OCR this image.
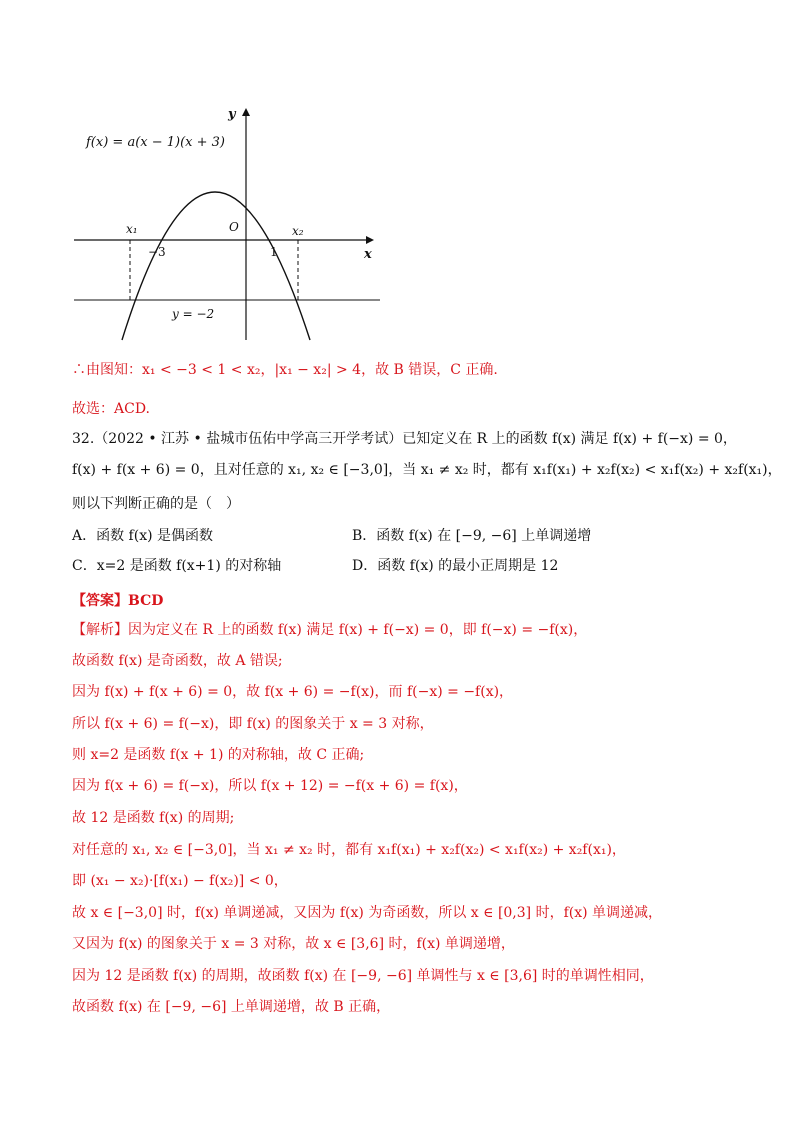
f(x) = a(x − 1)(x + 3)
y
x
O
x₁	x₂
−3	1
y = −2
∴由图知：x₁ < −3 < 1 < x₂，|x₁ − x₂| > 4，故 B 错误，C 正确.
故选：ACD.
32.（2022 • 江苏 • 盐城市伍佑中学高三开学考试）已知定义在 R 上的函数 f(x) 满足 f(x) + f(−x) = 0，
f(x) + f(x + 6) = 0，且对任意的 x₁, x₂ ∈ [−3,0]，当 x₁ ≠ x₂ 时，都有 x₁f(x₁) + x₂f(x₂) < x₁f(x₂) + x₂f(x₁)，
则以下判断正确的是（　）
A．函数 f(x) 是偶函数	B．函数 f(x) 在 [−9, −6] 上单调递增
C．x=2 是函数 f(x+1) 的对称轴	D．函数 f(x) 的最小正周期是 12
【答案】BCD
【解析】因为定义在 R 上的函数 f(x) 满足 f(x) + f(−x) = 0，即 f(−x) = −f(x)，
故函数 f(x) 是奇函数，故 A 错误;
因为 f(x) + f(x + 6) = 0，故 f(x + 6) = −f(x)，而 f(−x) = −f(x)，
所以 f(x + 6) = f(−x)，即 f(x) 的图象关于 x = 3 对称，
则 x=2 是函数 f(x + 1) 的对称轴，故 C 正确;
因为 f(x + 6) = f(−x)，所以 f(x + 12) = −f(x + 6) = f(x)，
故 12 是函数 f(x) 的周期;
对任意的 x₁, x₂ ∈ [−3,0]，当 x₁ ≠ x₂ 时，都有 x₁f(x₁) + x₂f(x₂) < x₁f(x₂) + x₂f(x₁)，
即 (x₁ − x₂)·[f(x₁) − f(x₂)] < 0，
故 x ∈ [−3,0] 时，f(x) 单调递减，又因为 f(x) 为奇函数，所以 x ∈ [0,3] 时，f(x) 单调递减，
又因为 f(x) 的图象关于 x = 3 对称，故 x ∈ [3,6] 时，f(x) 单调递增，
因为 12 是函数 f(x) 的周期，故函数 f(x) 在 [−9, −6] 单调性与 x ∈ [3,6] 时的单调性相同，
故函数 f(x) 在 [−9, −6] 上单调递增，故 B 正确，
